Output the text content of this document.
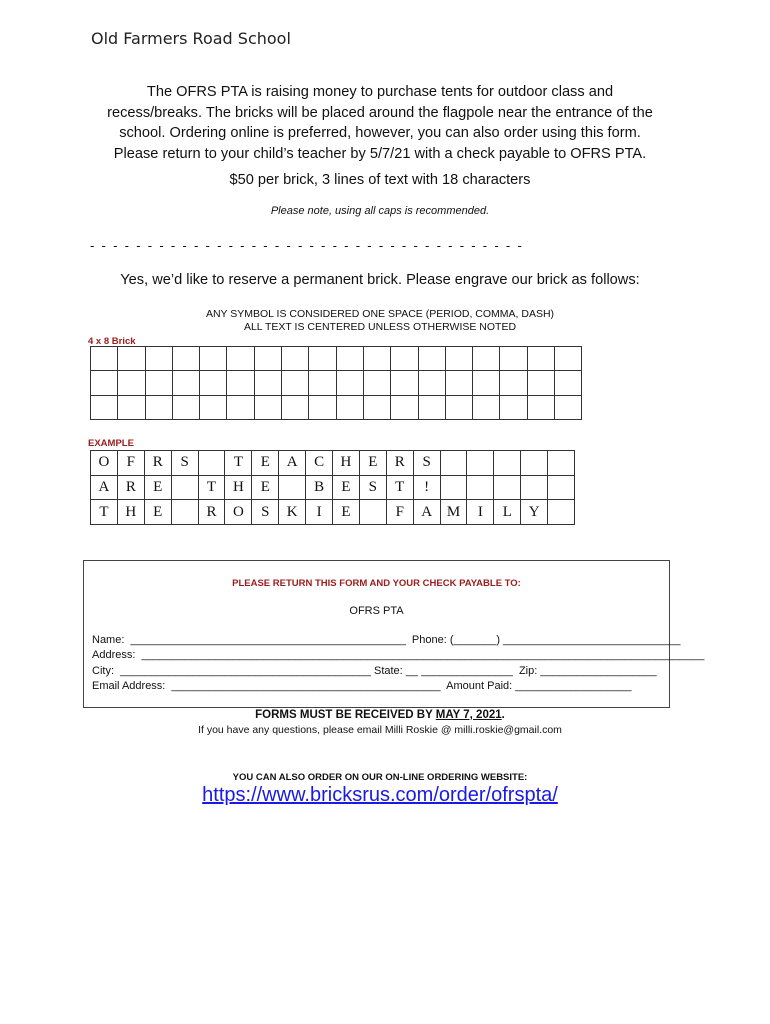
Old Farmers Road School
The OFRS PTA is raising money to purchase tents for outdoor class and
recess/breaks. The bricks will be placed around the flagpole near the entrance of the
school. Ordering online is preferred, however, you can also order using this form.
Please return to your child’s teacher by 5/7/21 with a check payable to OFRS PTA.
$50 per brick, 3 lines of text with 18 characters
Please note, using all caps is recommended.
-  -  -  -  -  -  -  -  -  -  -  -  -  -  -  -  -  -  -  -  -  -  -  -  -  -  -  -  -  -  -  -  -  -  -  -  -  -
Yes, we’d like to reserve a permanent brick. Please engrave our brick as follows:
ANY SYMBOL IS CONSIDERED ONE SPACE (PERIOD, COMMA, DASH)
ALL TEXT IS CENTERED UNLESS OTHERWISE NOTED
4 x 8 Brick

EXAMPLE
O	F	R	S		T	E	A	C	H	E	R	S					
A	R	E		T	H	E		B	E	S	T	!					
T	H	E		R	O	S	K	I	E		F	A	M	I	L	Y	
PLEASE RETURN THIS FORM AND YOUR CHECK PAYABLE TO:
OFRS PTA
Name:  _____________________________________________  Phone: (_______) _____________________________
Address:  ____________________________________________________________________________________________
City:  _________________________________________ State: __ _______________  Zip: ___________________
Email Address:  ____________________________________________  Amount Paid: ___________________
FORMS MUST BE RECEIVED BY MAY 7, 2021.
If you have any questions, please email Milli Roskie @ milli.roskie@gmail.com
YOU CAN ALSO ORDER ON OUR ON-LINE ORDERING WEBSITE:
https://www.bricksrus.com/order/ofrspta/
